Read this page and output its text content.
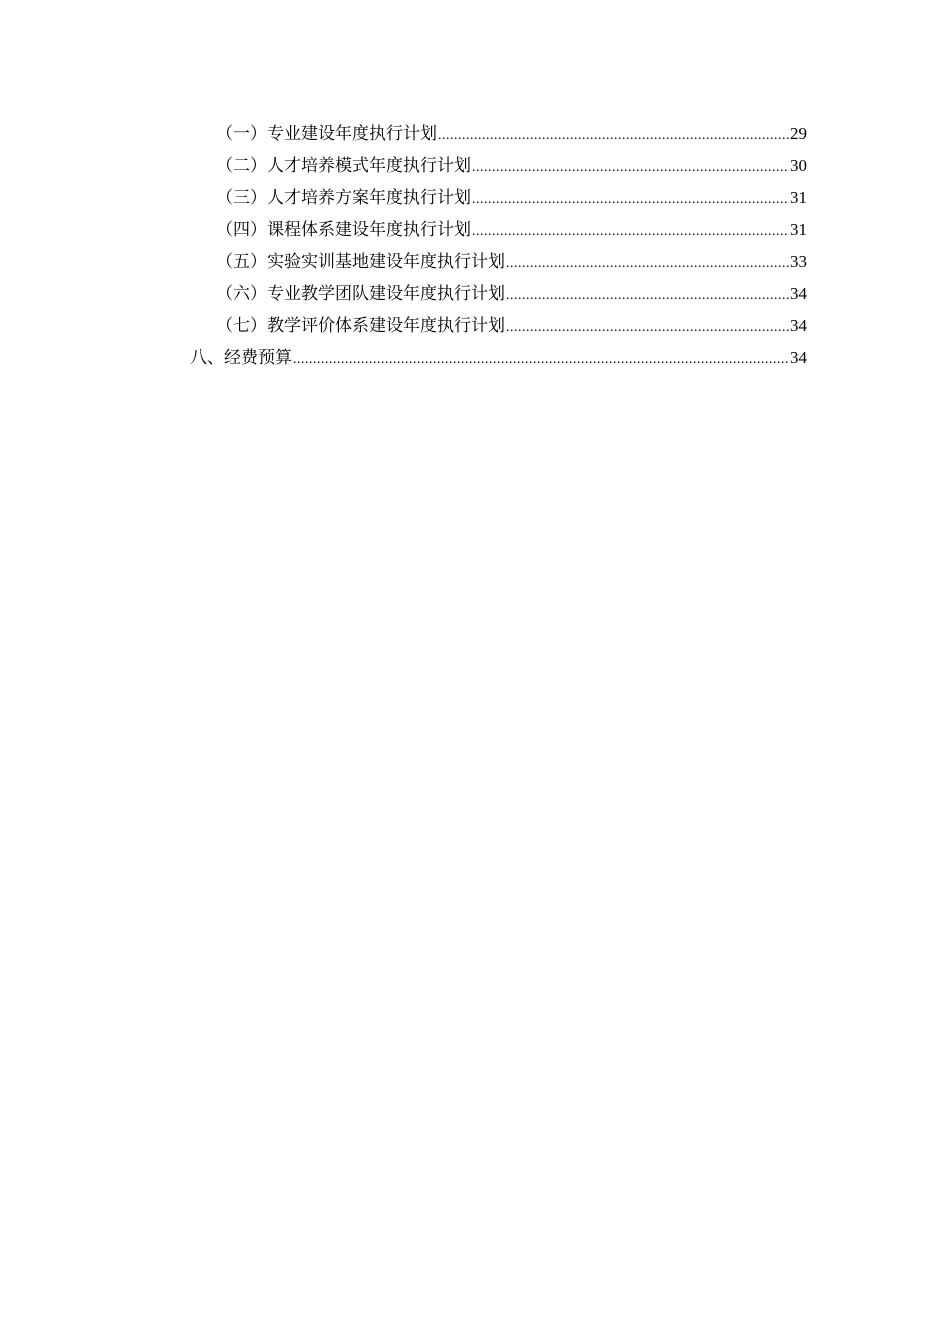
（一）专业建设年度执行计划 .....	29
（二）人才培养模式年度执行计划 .....	30
（三）人才培养方案年度执行计划 .....	31
（四）课程体系建设年度执行计划 .....	31
（五）实验实训基地建设年度执行计划 .....	33
（六）专业教学团队建设年度执行计划 .....	34
（七）教学评价体系建设年度执行计划 .....	34
八、经费预算 .....	34
